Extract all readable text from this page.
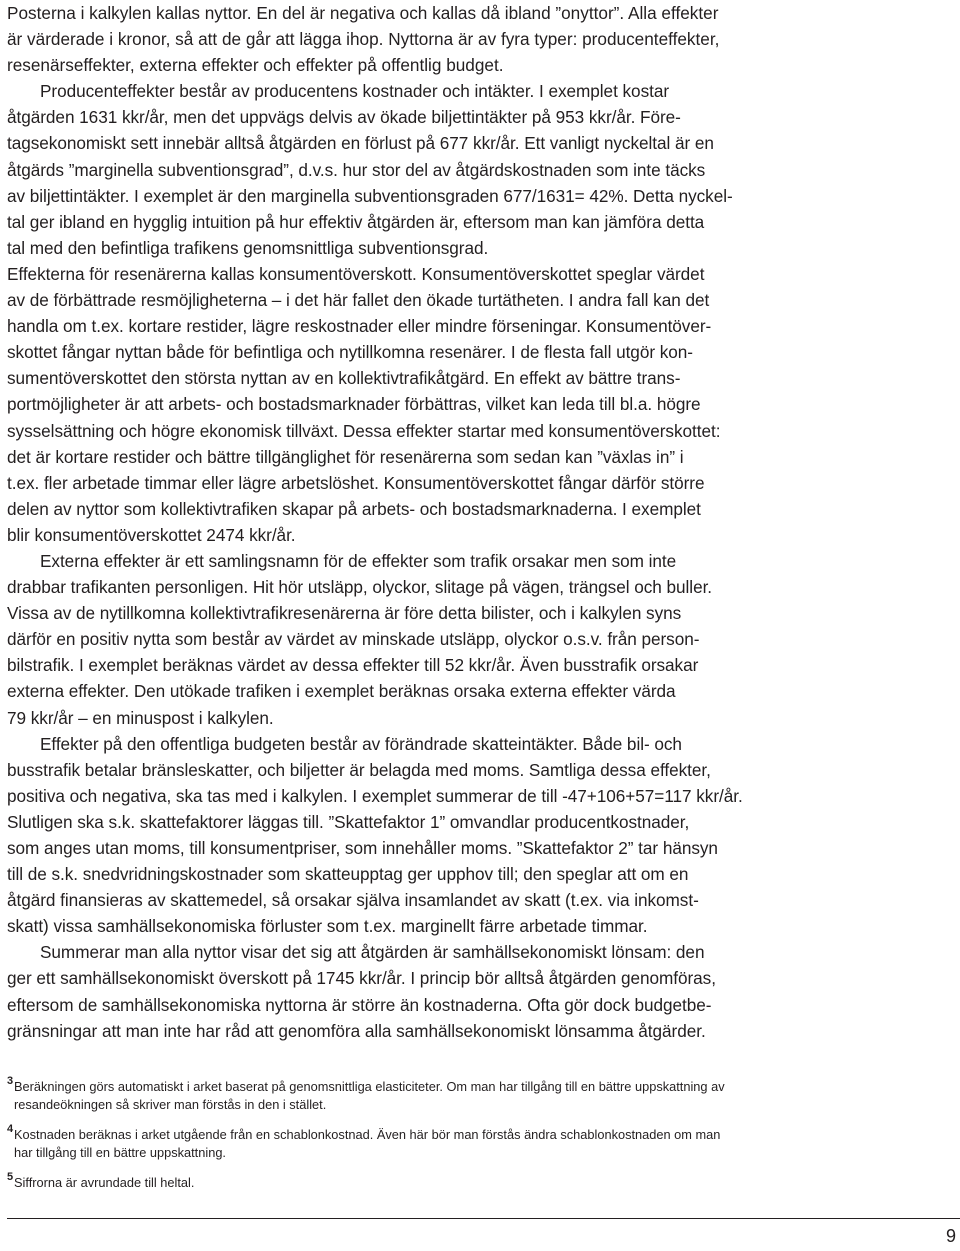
Posterna i kalkylen kallas nyttor. En del är negativa och kallas då ibland ”onyttor”. Alla effekter
är värderade i kronor, så att de går att lägga ihop. Nyttorna är av fyra typer: producenteffekter,
resenärseffekter, externa effekter och effekter på offentlig budget.
Producenteffekter består av producentens kostnader och intäkter. I exemplet kostar
åtgärden 1631 kkr/år, men det uppvägs delvis av ökade biljettintäkter på 953 kkr/år. Före-
tagsekonomiskt sett innebär alltså åtgärden en förlust på 677 kkr/år. Ett vanligt nyckeltal är en
åtgärds ”marginella subventionsgrad”, d.v.s. hur stor del av åtgärdskostnaden som inte täcks
av biljettintäkter. I exemplet är den marginella subventionsgraden 677/1631= 42%. Detta nyckel-
tal ger ibland en hygglig intuition på hur effektiv åtgärden är, eftersom man kan jämföra detta
tal med den befintliga trafikens genomsnittliga subventionsgrad.
Effekterna för resenärerna kallas konsumentöverskott. Konsumentöverskottet speglar värdet
av de förbättrade resmöjligheterna – i det här fallet den ökade turtätheten. I andra fall kan det
handla om t.ex. kortare restider, lägre reskostnader eller mindre förseningar. Konsumentöver-
skottet fångar nyttan både för befintliga och nytillkomna resenärer. I de flesta fall utgör kon-
sumentöverskottet den största nyttan av en kollektivtrafikåtgärd. En effekt av bättre trans-
portmöjligheter är att arbets- och bostadsmarknader förbättras, vilket kan leda till bl.a. högre
sysselsättning och högre ekonomisk tillväxt. Dessa effekter startar med konsumentöverskottet:
det är kortare restider och bättre tillgänglighet för resenärerna som sedan kan ”växlas in” i
t.ex. fler arbetade timmar eller lägre arbetslöshet. Konsumentöverskottet fångar därför större
delen av nyttor som kollektivtrafiken skapar på arbets- och bostadsmarknaderna. I exemplet
blir konsumentöverskottet 2474 kkr/år.
Externa effekter är ett samlingsnamn för de effekter som trafik orsakar men som inte
drabbar trafikanten personligen. Hit hör utsläpp, olyckor, slitage på vägen, trängsel och buller.
Vissa av de nytillkomna kollektivtrafikresenärerna är före detta bilister, och i kalkylen syns
därför en positiv nytta som består av värdet av minskade utsläpp, olyckor o.s.v. från person-
bilstrafik. I exemplet beräknas värdet av dessa effekter till 52 kkr/år. Även busstrafik orsakar
externa effekter. Den utökade trafiken i exemplet beräknas orsaka externa effekter värda
79 kkr/år – en minuspost i kalkylen.
Effekter på den offentliga budgeten består av förändrade skatteintäkter. Både bil- och
busstrafik betalar bränsleskatter, och biljetter är belagda med moms. Samtliga dessa effekter,
positiva och negativa, ska tas med i kalkylen. I exemplet summerar de till -47+106+57=117 kkr/år.
Slutligen ska s.k. skattefaktorer läggas till. ”Skattefaktor 1” omvandlar producentkostnader,
som anges utan moms, till konsumentpriser, som innehåller moms. ”Skattefaktor 2” tar hänsyn
till de s.k. snedvridningskostnader som skatteupptag ger upphov till; den speglar att om en
åtgärd finansieras av skattemedel, så orsakar själva insamlandet av skatt (t.ex. via inkomst-
skatt) vissa samhällsekonomiska förluster som t.ex. marginellt färre arbetade timmar.
Summerar man alla nyttor visar det sig att åtgärden är samhällsekonomiskt lönsam: den
ger ett samhällsekonomiskt överskott på 1745 kkr/år. I princip bör alltså åtgärden genomföras,
eftersom de samhällsekonomiska nyttorna är större än kostnaderna. Ofta gör dock budgetbe-
gränsningar att man inte har råd att genomföra alla samhällsekonomiskt lönsamma åtgärder.
3 Beräkningen görs automatiskt i arket baserat på genomsnittliga elasticiteter. Om man har tillgång till en bättre uppskattning av
resandeökningen så skriver man förstås in den i stället.
4 Kostnaden beräknas i arket utgående från en schablonkostnad. Även här bör man förstås ändra schablonkostnaden om man
har tillgång till en bättre uppskattning.
5 Siffrorna är avrundade till heltal.
9
